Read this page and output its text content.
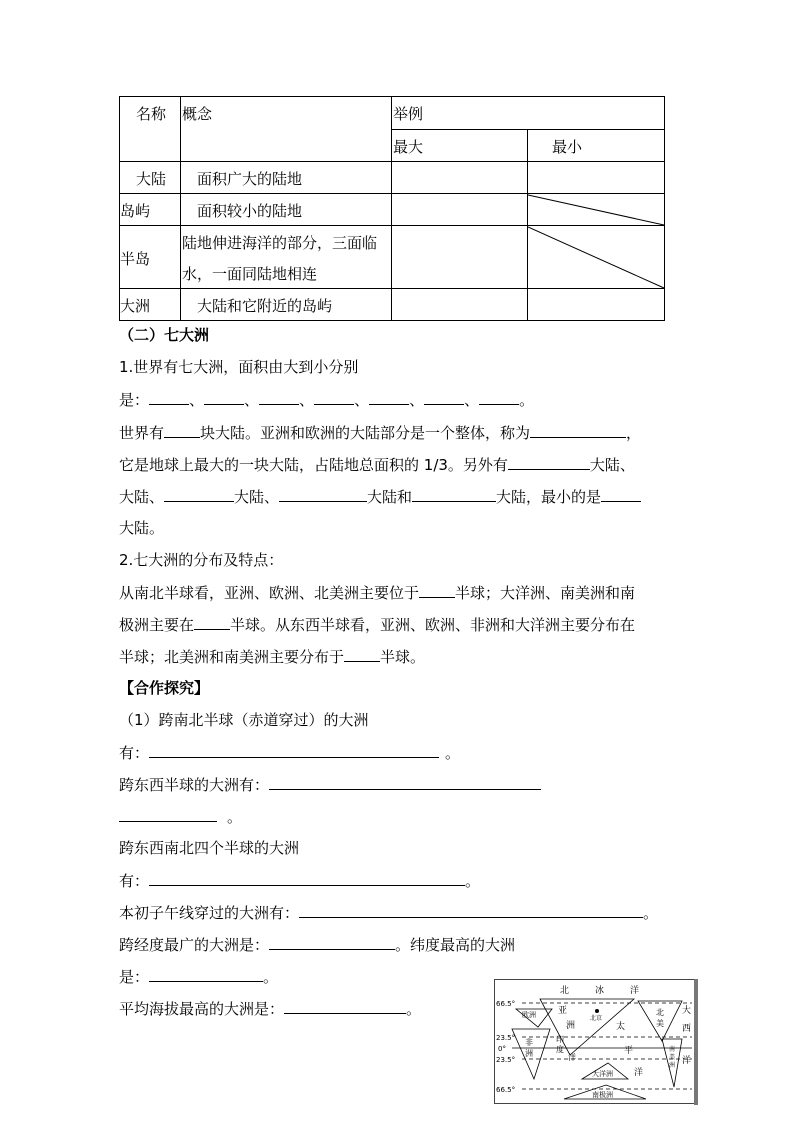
名称	概念	举例	

		最大	最小

大陆	面积广大的陆地		

岛屿	面积较小的陆地

半岛	陆地伸进海洋的部分，三面临
水，一面同陆地相连

大洲	大陆和它附近的岛屿		

（二）七大洲
1.世界有七大洲，面积由大到小分别
是：	、	、	、	、	、	、	。
世界有 块大陆。亚洲和欧洲的大陆部分是一个整体，称为	，
它是地球上最大的一块大陆，占陆地总面积的 1/3。另外有	大陆、
大陆、	大陆、	大陆和	大陆，最小的是
大陆。
2.七大洲的分布及特点：
从南北半球看，亚洲、欧洲、北美洲主要位于 半球；大洋洲、南美洲和南
极洲主要在 半球。从东西半球看，亚洲、欧洲、非洲和大洋洲主要分布在
半球；北美洲和南美洲主要分布于 半球。
【合作探究】
（1）跨南北半球（赤道穿过）的大洲
有：	。
跨东西半球的大洲有：
。
跨东西南北四个半球的大洲
有：	。
本初子午线穿过的大洲有：	。
跨经度最广的大洲是：	。纬度最高的大洲
是：	。
平均海拔最高的大洲是：	。	66.5°
23.5°
0°
23.5°
66.5°
北	冰	洋
欧洲 亚
洲
北京
非
洲
印
度
洋
太
平
洋
北
美
南
美
洲
大
西
洋
大洋洲
南极洲
